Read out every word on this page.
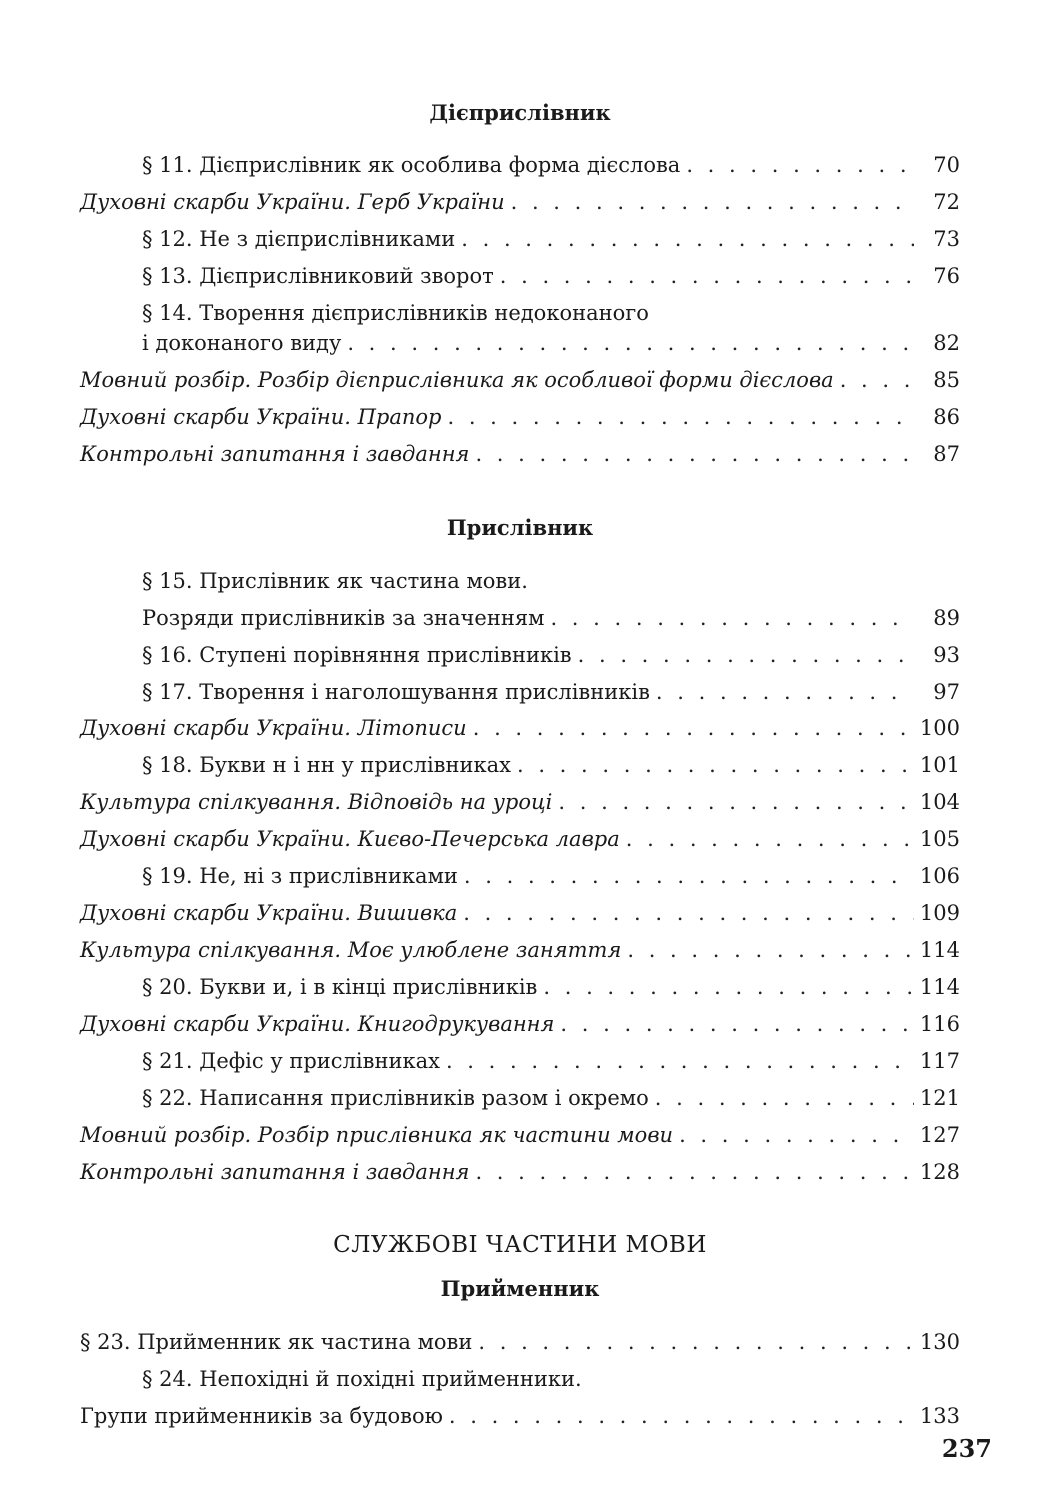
Дієприслівник
§ 11. Дієприслівник як особлива форма дієслова . . .	70
Духовні скарби України. Герб України . . .	72
§ 12. Не з дієприслівниками . . .	73
§ 13. Дієприслівниковий зворот . . .	76
§ 14. Творення дієприслівників недоконаного
і доконаного виду . . .	82
Мовний розбір. Розбір дієприслівника як особливої форми дієслова . . .	85
Духовні скарби України. Прапор . . .	86
Контрольні запитання і завдання . . .	87
Прислівник
§ 15. Прислівник як частина мови.
Розряди прислівників за значенням . . .	89
§ 16. Ступені порівняння прислівників . . .	93
§ 17. Творення і наголошування прислівників . . .	97
Духовні скарби України. Літописи . . .	100
§ 18. Букви н і нн у прислівниках . . .	101
Культура спілкування. Відповідь на уроці . . .	104
Духовні скарби України. Києво-Печерська лавра . . .	105
§ 19. Не, ні з прислівниками . . .	106
Духовні скарби України. Вишивка . . .	109
Культура спілкування. Моє улюблене заняття . . .	114
§ 20. Букви и, і в кінці прислівників . . .	114
Духовні скарби України. Книгодрукування . . .	116
§ 21. Дефіс у прислівниках . . .	117
§ 22. Написання прислівників разом і окремо . . .	121
Мовний розбір. Розбір прислівника як частини мови . . .	127
Контрольні запитання і завдання . . .	128
СЛУЖБОВІ ЧАСТИНИ МОВИ
Прийменник
§ 23. Прийменник як частина мови . . .	130
§ 24. Непохідні й похідні прийменники.
Групи прийменників за будовою . . .	133
237
